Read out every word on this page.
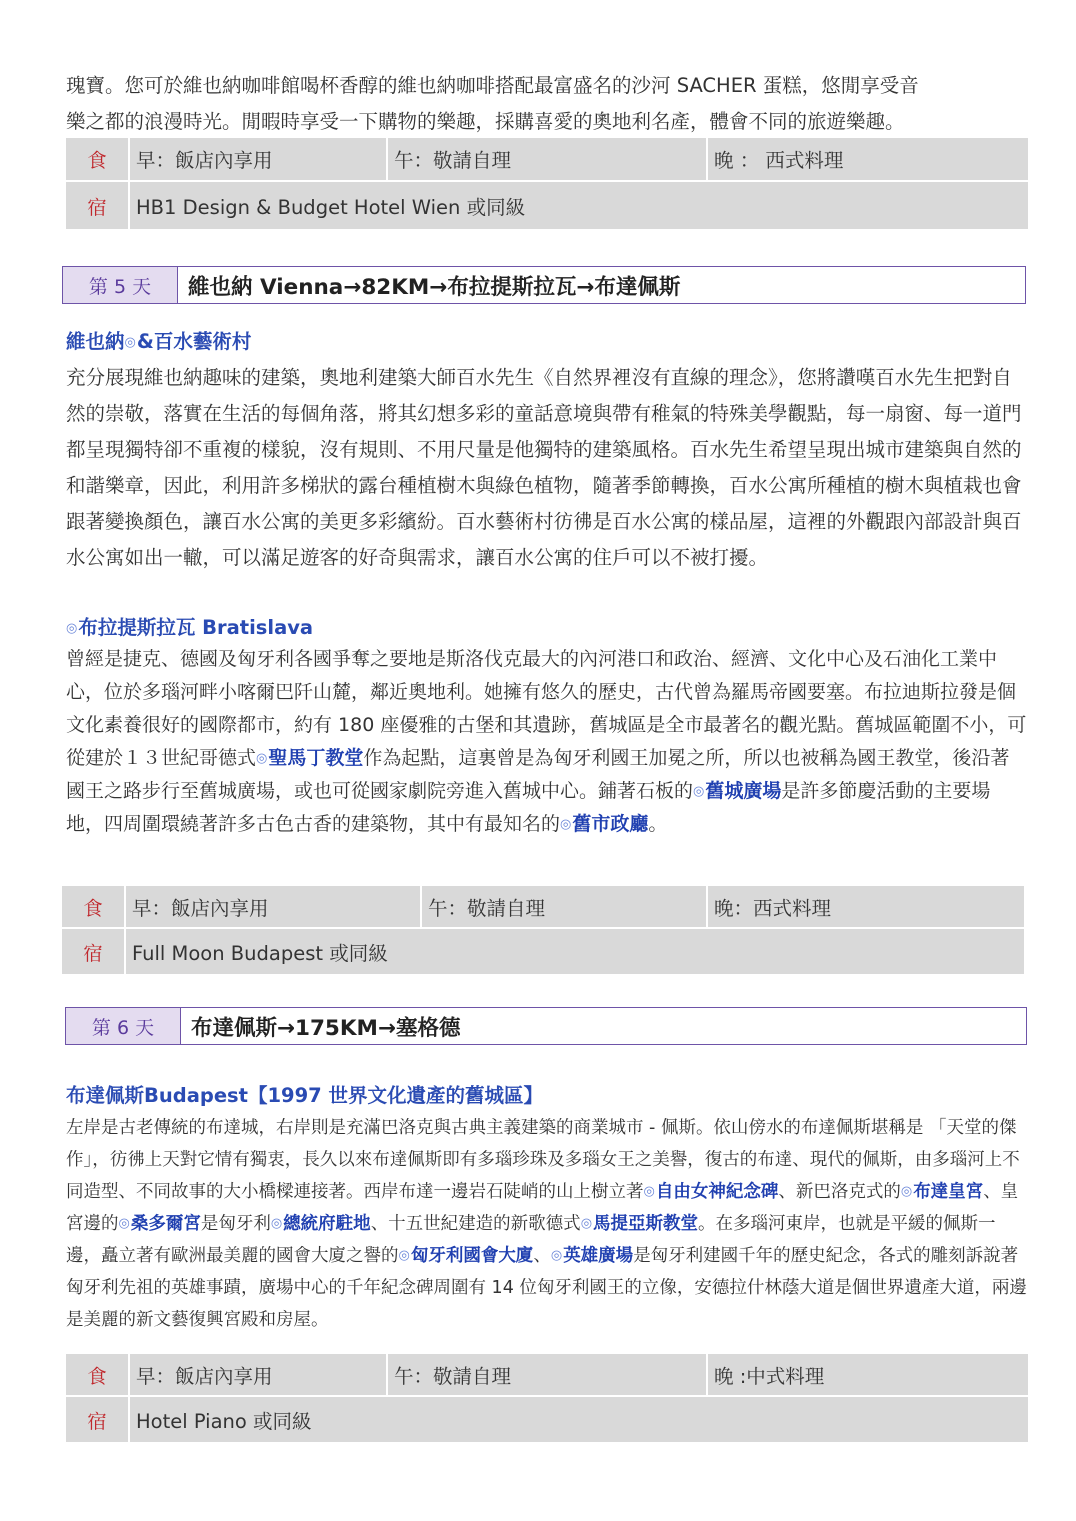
瑰寶。您可於維也納咖啡館喝杯香醇的維也納咖啡搭配最富盛名的沙河 SACHER 蛋糕，悠閒享受音
樂之都的浪漫時光。閒暇時享受一下購物的樂趣，採購喜愛的奧地利名產，體會不同的旅遊樂趣。

食	早：飯店內享用	午：敬請自理	晚 ： 西式料理
宿	HB1 Design & Budget Hotel Wien 或同級		
第 5 天	維也納 Vienna→82KM→布拉提斯拉瓦→布達佩斯

維也納◎&百水藝術村

充分展現維也納趣味的建築，奧地利建築大師百水先生《自然界裡沒有直線的理念》，您將讚嘆百水先生把對自然的崇敬，落實在生活的每個角落，將其幻想多彩的童話意境與帶有稚氣的特殊美學觀點，每一扇窗、每一道門都呈現獨特卻不重複的樣貌，沒有規則、不用尺量是他獨特的建築風格。百水先生希望呈現出城市建築與自然的和諧樂章，因此，利用許多梯狀的露台種植樹木與綠色植物，隨著季節轉換，百水公寓所種植的樹木與植栽也會跟著變換顏色，讓百水公寓的美更多彩繽紛。百水藝術村彷彿是百水公寓的樣品屋，這裡的外觀跟內部設計與百水公寓如出一轍，可以滿足遊客的好奇與需求，讓百水公寓的住戶可以不被打擾。

◎布拉提斯拉瓦 Bratislava

曾經是捷克、德國及匈牙利各國爭奪之要地是斯洛伐克最大的內河港口和政治、經濟、文化中心及石油化工業中心，位於多瑙河畔小喀爾巴阡山麓，鄰近奧地利。她擁有悠久的歷史，古代曾為羅馬帝國要塞。布拉迪斯拉發是個文化素養很好的國際都市，約有 180 座優雅的古堡和其遺跡，舊城區是全市最著名的觀光點。舊城區範圍不小，可從建於１３世紀哥德式◎聖馬丁教堂作為起點，這裏曾是為匈牙利國王加冕之所，所以也被稱為國王教堂，後沿著國王之路步行至舊城廣場，或也可從國家劇院旁進入舊城中心。鋪著石板的◎舊城廣場是許多節慶活動的主要場地，四周圍環繞著許多古色古香的建築物，其中有最知名的◎舊市政廳。

食	早：飯店內享用	午：敬請自理	晚：西式料理
宿	Full Moon Budapest 或同級		
第 6 天	布達佩斯→175KM→塞格德

布達佩斯Budapest【1997 世界文化遺產的舊城區】

左岸是古老傳統的布達城，右岸則是充滿巴洛克與古典主義建築的商業城市 - 佩斯。依山傍水的布達佩斯堪稱是 「天堂的傑作」，彷彿上天對它情有獨衷，長久以來布達佩斯即有多瑙珍珠及多瑙女王之美譽，復古的布達、現代的佩斯，由多瑙河上不同造型、不同故事的大小橋樑連接著。西岸布達一邊岩石陡峭的山上樹立著◎自由女神紀念碑、新巴洛克式的◎布達皇宮、皇宮邊的◎桑多爾宮是匈牙利◎總統府駐地、十五世紀建造的新歌德式◎馬提亞斯教堂。在多瑙河東岸，也就是平緩的佩斯一邊，矗立著有歐洲最美麗的國會大廈之譽的◎匈牙利國會大廈、◎英雄廣場是匈牙利建國千年的歷史紀念，各式的雕刻訴說著匈牙利先祖的英雄事蹟，廣場中心的千年紀念碑周圍有 14 位匈牙利國王的立像，安德拉什林蔭大道是個世界遺產大道，兩邊是美麗的新文藝復興宮殿和房屋。

食	早：飯店內享用	午：敬請自理	晚 :中式料理
宿	Hotel Piano 或同級		
